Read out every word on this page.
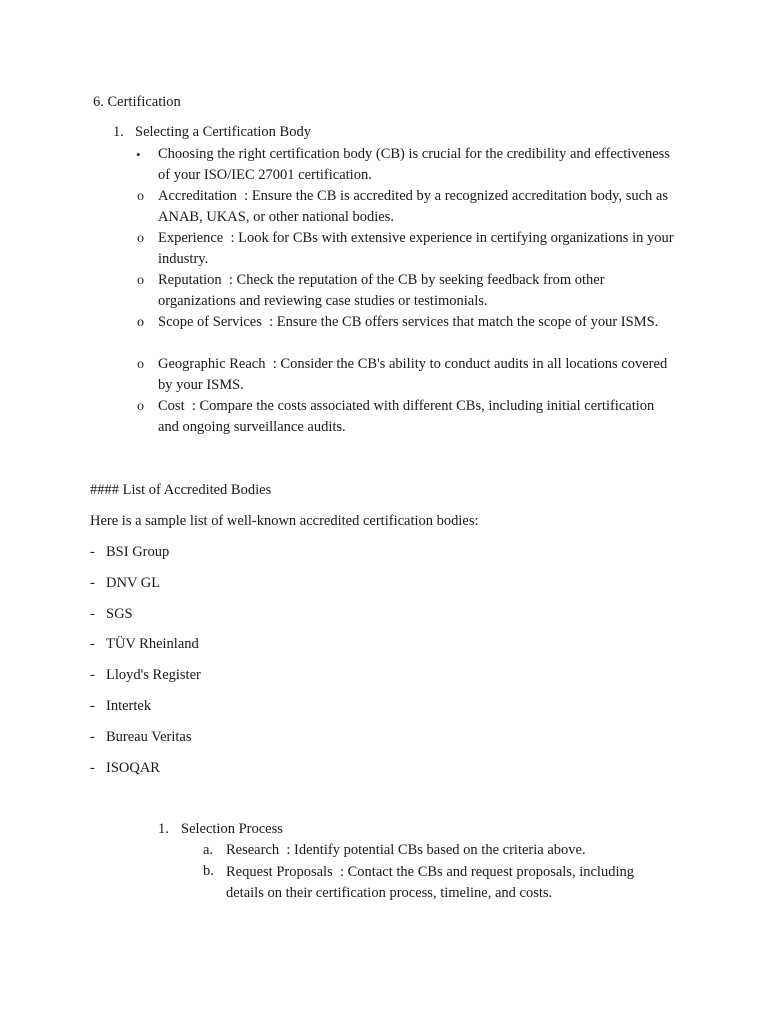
6. Certification
1. Selecting a Certification Body
• Choosing the right certification body (CB) is crucial for the credibility and effectiveness of your ISO/IEC 27001 certification.
o Accreditation  : Ensure the CB is accredited by a recognized accreditation body, such as ANAB, UKAS, or other national bodies.
o Experience  : Look for CBs with extensive experience in certifying organizations in your industry.
o Reputation  : Check the reputation of the CB by seeking feedback from other organizations and reviewing case studies or testimonials.
o Scope of Services  : Ensure the CB offers services that match the scope of your ISMS.
o Geographic Reach  : Consider the CB's ability to conduct audits in all locations covered by your ISMS.
o Cost  : Compare the costs associated with different CBs, including initial certification and ongoing surveillance audits.
#### List of Accredited Bodies
Here is a sample list of well-known accredited certification bodies:
- BSI Group
- DNV GL
- SGS
- TÜV Rheinland
- Lloyd's Register
- Intertek
- Bureau Veritas
- ISOQAR
1. Selection Process
a. Research  : Identify potential CBs based on the criteria above.
b. Request Proposals  : Contact the CBs and request proposals, including details on their certification process, timeline, and costs.
